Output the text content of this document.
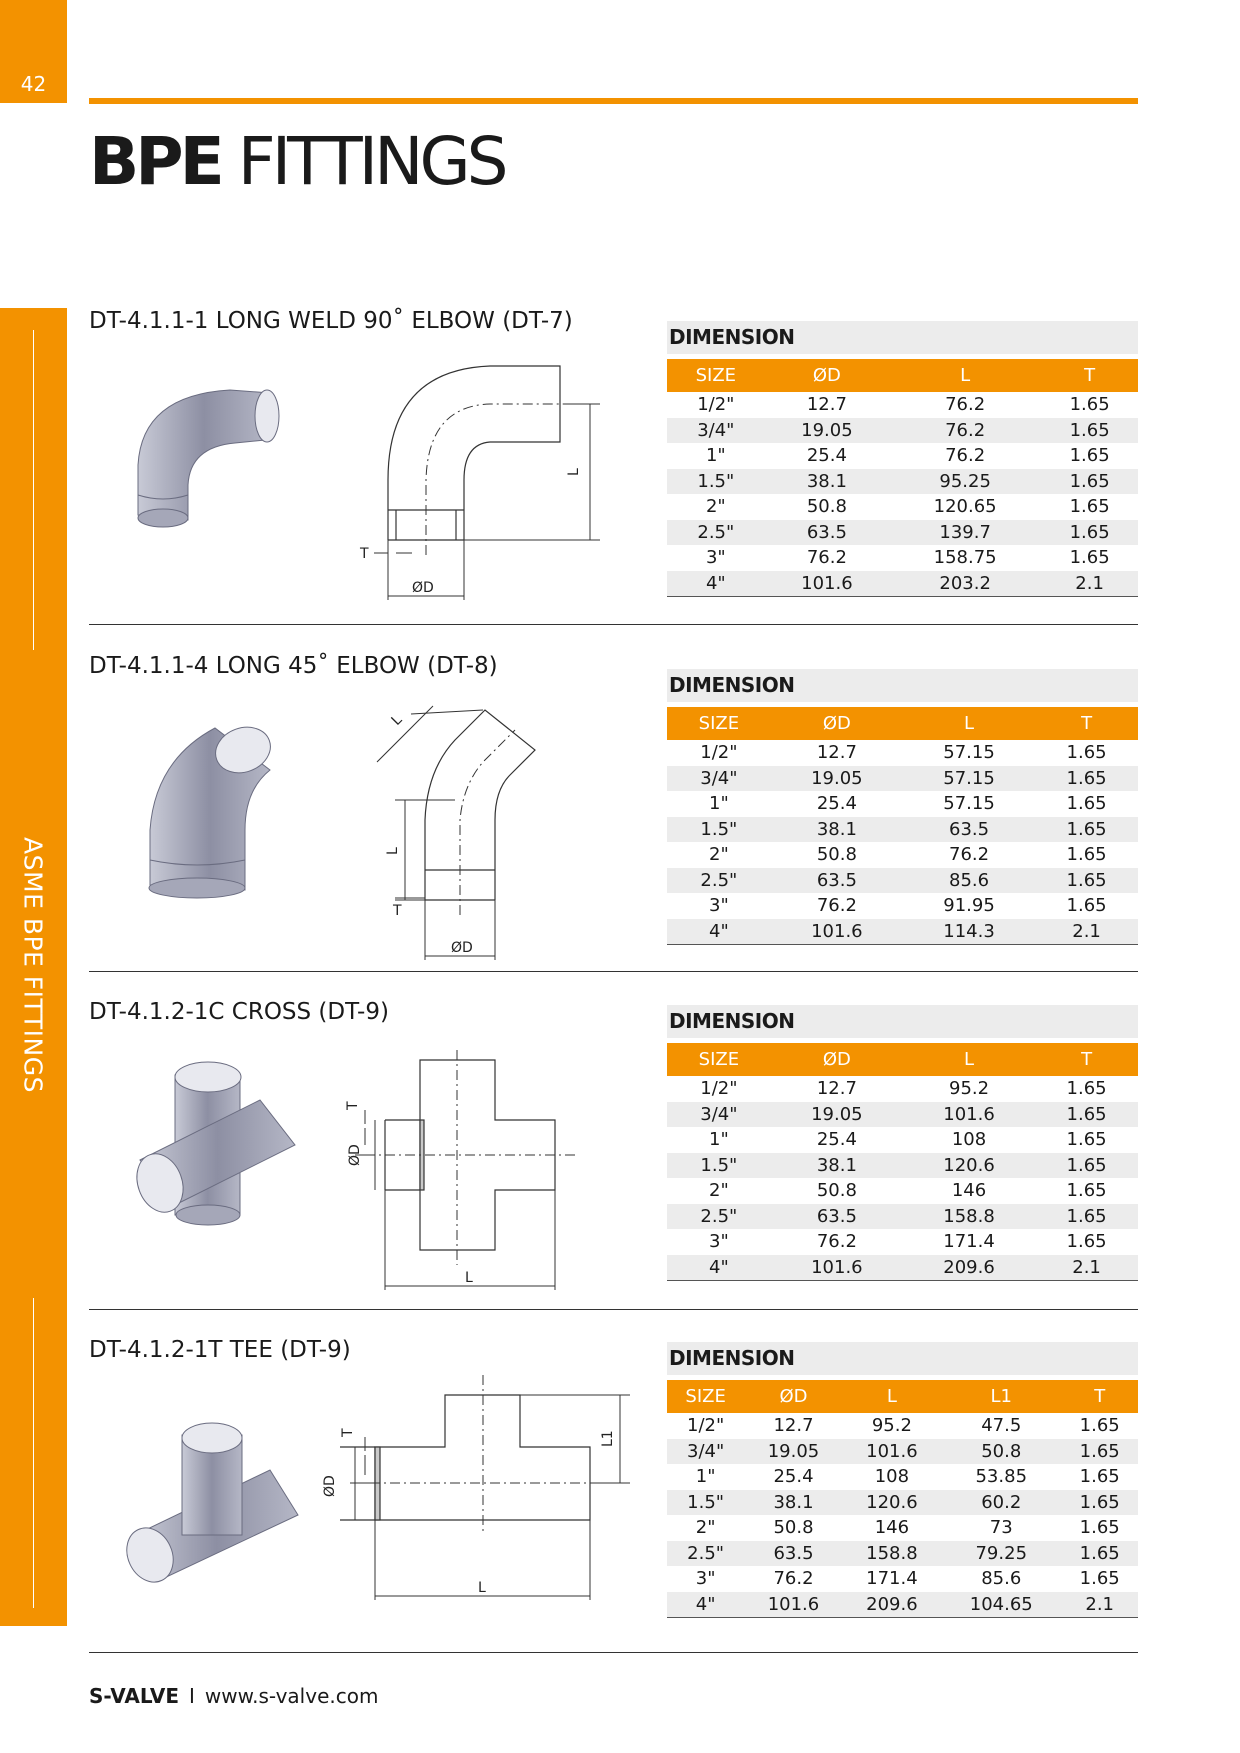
42
ASME BPE FITTINGS
BPE FITTINGS
DT-4.1.1-1 LONG WELD 90˚ ELBOW (DT-7)
L
T
ØD
DIMENSION
SIZE	ØD	L	T
1/2"	12.7	76.2	1.65
3/4"	19.05	76.2	1.65
1"	25.4	76.2	1.65
1.5"	38.1	95.25	1.65
2"	50.8	120.65	1.65
2.5"	63.5	139.7	1.65
3"	76.2	158.75	1.65
4"	101.6	203.2	2.1
DT-4.1.1-4 LONG 45˚ ELBOW (DT-8)
L
L
T
ØD
DIMENSION
SIZE	ØD	L	T
1/2"	12.7	57.15	1.65
3/4"	19.05	57.15	1.65
1"	25.4	57.15	1.65
1.5"	38.1	63.5	1.65
2"	50.8	76.2	1.65
2.5"	63.5	85.6	1.65
3"	76.2	91.95	1.65
4"	101.6	114.3	2.1
DT-4.1.2-1C CROSS (DT-9)
T
ØD
L
DIMENSION
SIZE	ØD	L	T
1/2"	12.7	95.2	1.65
3/4"	19.05	101.6	1.65
1"	25.4	108	1.65
1.5"	38.1	120.6	1.65
2"	50.8	146	1.65
2.5"	63.5	158.8	1.65
3"	76.2	171.4	1.65
4"	101.6	209.6	2.1
DT-4.1.2-1T TEE (DT-9)
T
ØD
L1
L
DIMENSION
SIZE	ØD	L	L1	T
1/2"	12.7	95.2	47.5	1.65
3/4"	19.05	101.6	50.8	1.65
1"	25.4	108	53.85	1.65
1.5"	38.1	120.6	60.2	1.65
2"	50.8	146	73	1.65
2.5"	63.5	158.8	79.25	1.65
3"	76.2	171.4	85.6	1.65
4"	101.6	209.6	104.65	2.1
S-VALVE I www.s-valve.com
